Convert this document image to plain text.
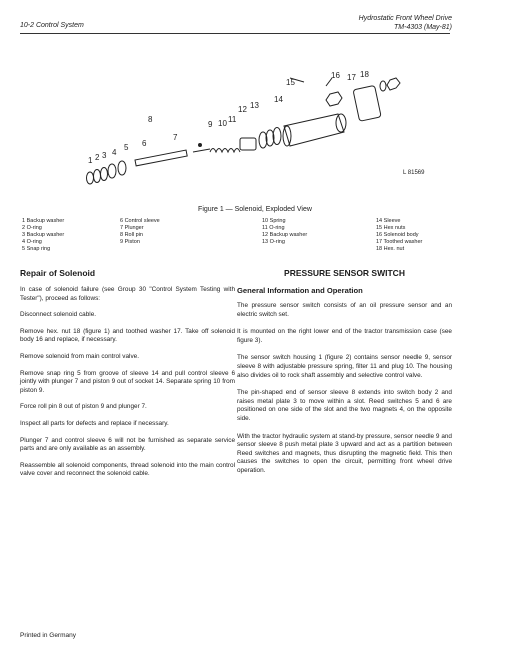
10-2 Control System
Hydrostatic Front Wheel Drive
TM-4303 (May-81)
1 2 3 4
5 6
7
8
9 10 11
12 13
14
15
16 17 18
L 81569
Figure 1 — Solenoid, Exploded View
1 Backup washer
2 O-ring
3 Backup washer
4 O-ring
5 Snap ring
6 Control sleeve
7 Plunger
8 Roll pin
9 Piston
10 Spring
11 O-ring
12 Backup washer
13 O-ring
14 Sleeve
15 Hex nuts
16 Solenoid body
17 Toothed washer
18 Hex. nut
Repair of Solenoid

In case of solenoid failure (see Group 30 "Control System Testing with Tester"), proceed as follows:

Disconnect solenoid cable.

Remove hex. nut 18 (figure 1) and toothed washer 17. Take off solenoid body 16 and replace, if necessary.

Remove solenoid from main control valve.

Remove snap ring 5 from groove of sleeve 14 and pull control sleeve 6 jointly with plunger 7 and piston 9 out of socket 14. Separate spring 10 from piston 9.

Force roll pin 8 out of piston 9 and plunger 7.

Inspect all parts for defects and replace if necessary.

Plunger 7 and control sleeve 6 will not be furnished as separate service parts and are only available as an assembly.

Reassemble all solenoid components, thread solenoid into the main control valve cover and reconnect the solenoid cable.

PRESSURE SENSOR SWITCH
General Information and Operation

The pressure sensor switch consists of an oil pressure sensor and an electric switch set.

It is mounted on the right lower end of the tractor transmission case (see figure 3).

The sensor switch housing 1 (figure 2) contains sensor needle 9, sensor sleeve 8 with adjustable pressure spring, filter 11 and plug 10. The housing also divides oil to rock shaft assembly and selective control valve.

The pin-shaped end of sensor sleeve 8 extends into switch body 2 and raises metal plate 3 to move within a slot. Reed switches 5 and 6 are positioned on one side of the slot and the two magnets 4, on the opposite side.

With the tractor hydraulic system at stand-by pressure, sensor needle 9 and sensor sleeve 8 push metal plate 3 upward and act as a partition between Reed switches and magnets, thus disrupting the magnetic field. This then causes the switches to open the circuit, permitting front wheel drive operation.

Printed in Germany
